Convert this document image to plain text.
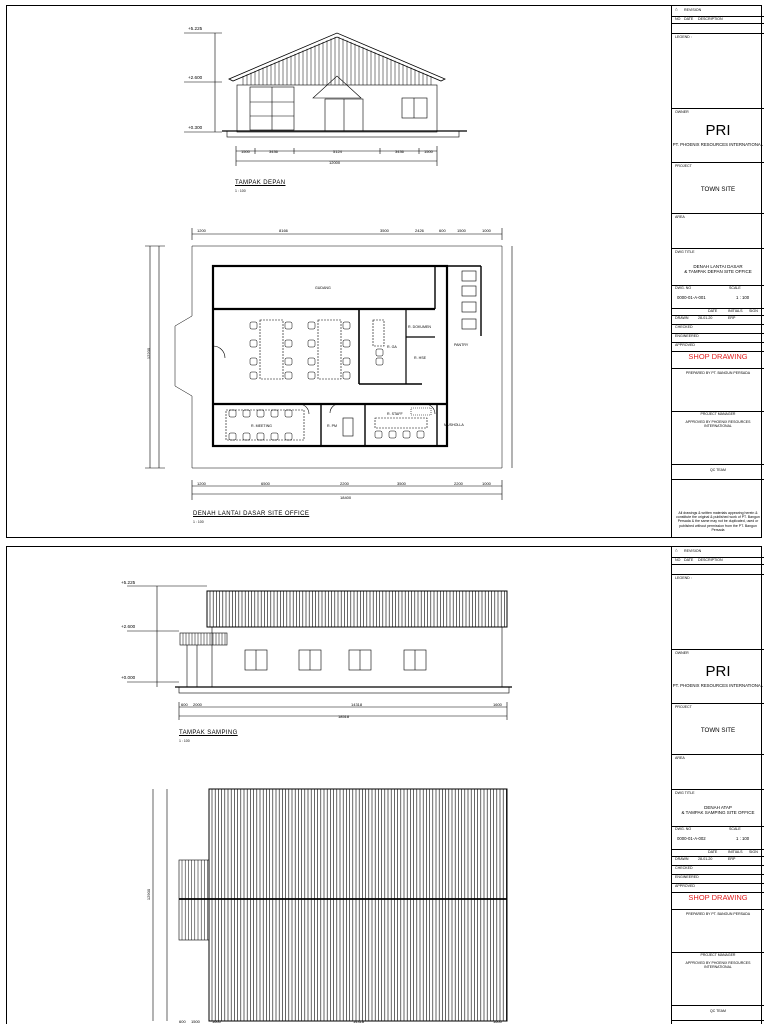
+5.225
+2.600
+0.300
1500	3436	5124	3436	1500
12000
TAMPAK DEPAN
1 : 100
1200	8166	3500	2426	600	1500	1000
1200	6500	2200	3500	2200	1000
18400
12200
GUDANG
R. DOKUMEN
R. GA
R. HSE
PANTRY
R. MEETING	R. PM
R. STAFF
MUSHOLLA
DENAH LANTAI DASAR SITE OFFICE
1 : 100
△ REVISION
NO DATE DESCRIPTION
LEGEND :
OWNER
PRI
PT. PHOENIX RESOURCES INTERNATIONAL
PROJECT
TOWN SITE
AREA
DWG TITLE
DENAH LANTAI DASAR
& TAMPAK DEPAN SITE OFFICE
DWG. NO	SCALE
0000-01-A-001	1 : 100
DATE	INITIALS SIGN
DRAWN	28-01-20	ERP
CHECKED
ENGINEERED
APPROVED
SHOP DRAWING
PREPARED BY PT. BANGUN PERSADA
PROJECT MANAGER
APPROVED BY PHOENIX RESOURCES INTERNATIONAL
QC TEAM
All drawings & written materials appearing herein & constitute the original & published work of PT. Bangun Persada & the same may not be duplicated, used or published without permission from the PT. Bangun Persada
+5.225
+2.600
+0.000
600 2000	14318	1600
18518
TAMPAK SAMPING
1 : 100
12900
600 1500	1600	14318	1600
△ REVISION
NO DATE DESCRIPTION
LEGEND :
OWNER
PRI
PT. PHOENIX RESOURCES INTERNATIONAL
PROJECT
TOWN SITE
AREA
DWG TITLE
DENAH ATAP
& TAMPAK SAMPING SITE OFFICE
DWG. NO	SCALE
0000-01-A-002	1 : 100
DATE	INITIALS SIGN
DRAWN	28-01-20	ERP
CHECKED
ENGINEERED
APPROVED
SHOP DRAWING
PREPARED BY PT. BANGUN PERSADA
PROJECT MANAGER
APPROVED BY PHOENIX RESOURCES INTERNATIONAL
QC TEAM
